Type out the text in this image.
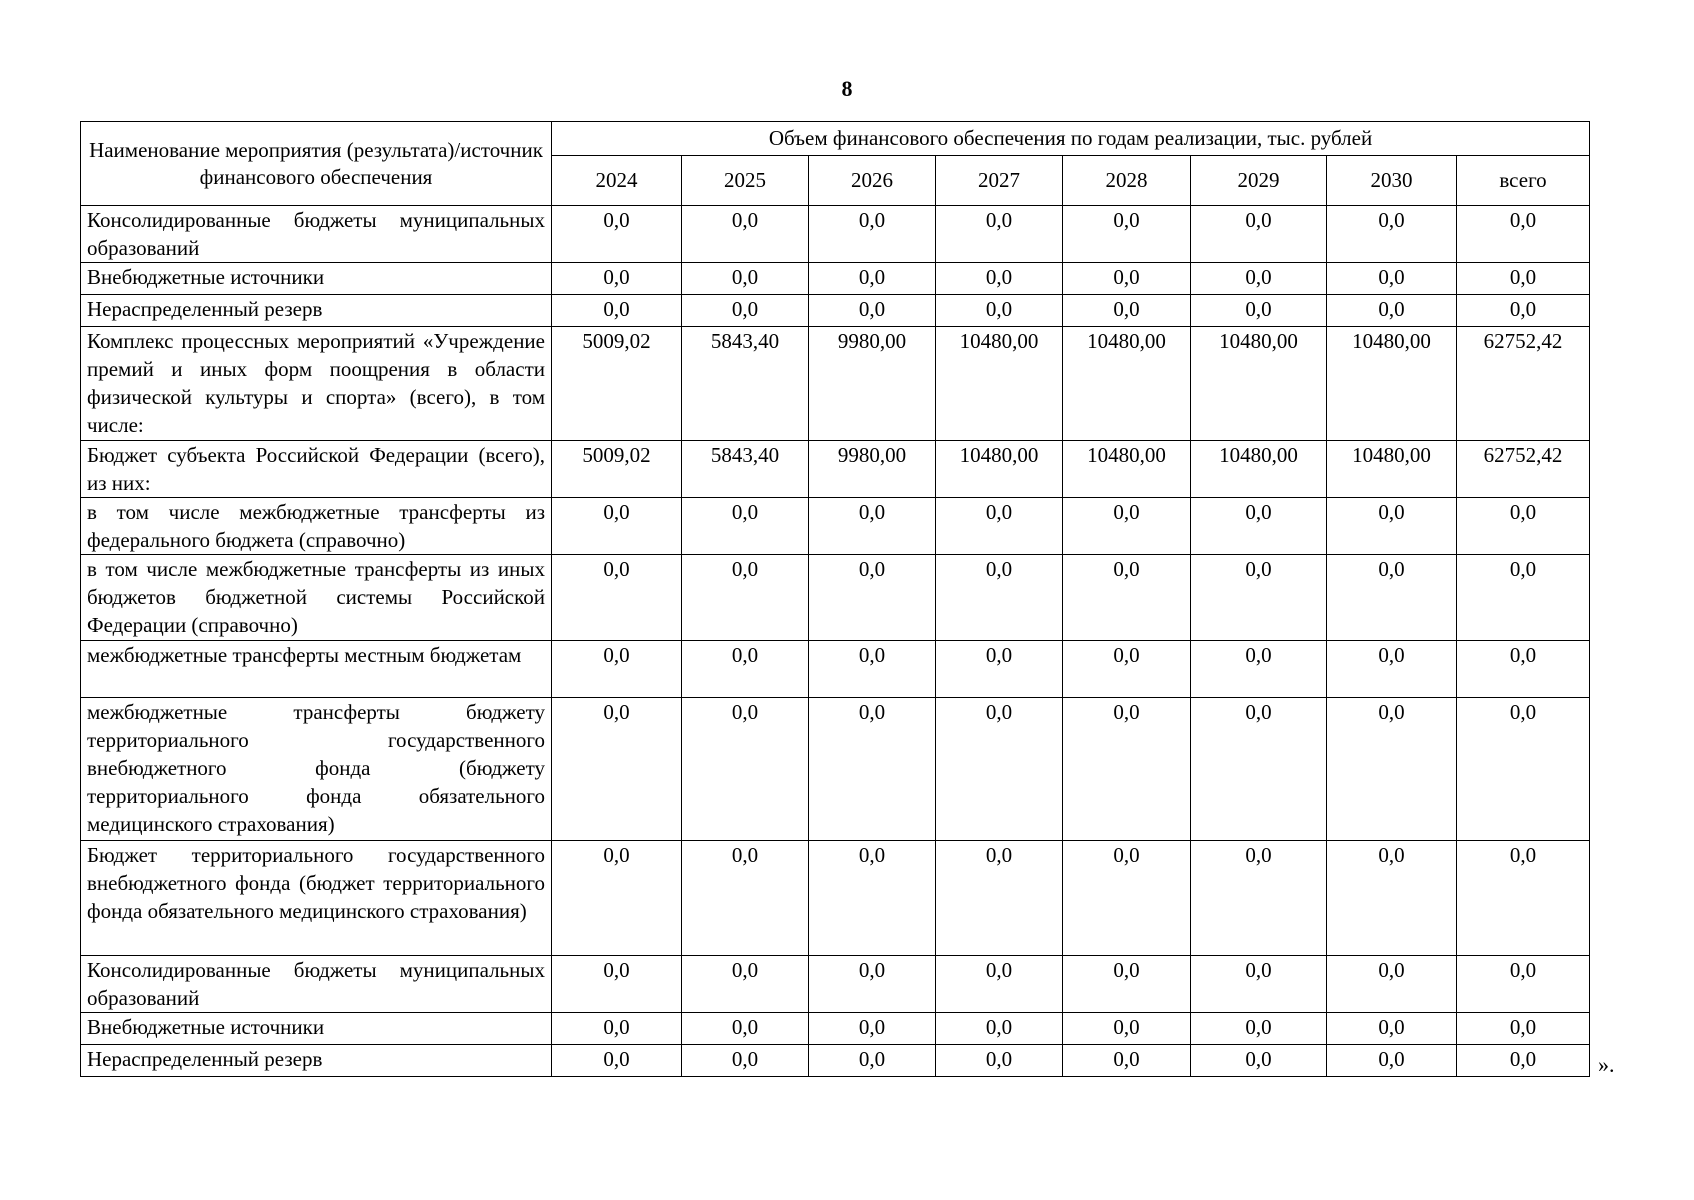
8
Наименование мероприятия (результата)/источник финансового обеспечения	Объем финансового обеспечения по годам реализации, тыс. рублей							
	2024	2025	2026	2027	2028	2029	2030	всего
Консолидированные бюджеты муниципальных образований	0,0	0,0	0,0	0,0	0,0	0,0	0,0	0,0
Внебюджетные источники	0,0	0,0	0,0	0,0	0,0	0,0	0,0	0,0
Нераспределенный резерв	0,0	0,0	0,0	0,0	0,0	0,0	0,0	0,0
Комплекс процессных мероприятий «Учреждение премий и иных форм поощрения в области физической культуры и спорта» (всего), в том числе:	5009,02	5843,40	9980,00	10480,00	10480,00	10480,00	10480,00	62752,42
Бюджет субъекта Российской Федерации (всего), из них:	5009,02	5843,40	9980,00	10480,00	10480,00	10480,00	10480,00	62752,42
в том числе межбюджетные трансферты из федерального бюджета (справочно)	0,0	0,0	0,0	0,0	0,0	0,0	0,0	0,0
в том числе межбюджетные трансферты из иных бюджетов бюджетной системы Российской Федерации (справочно)	0,0	0,0	0,0	0,0	0,0	0,0	0,0	0,0
межбюджетные трансферты местным бюджетам	0,0	0,0	0,0	0,0	0,0	0,0	0,0	0,0
межбюджетные трансферты бюджету территориального государственного внебюджетного фонда (бюджету территориального фонда обязательного медицинского страхования)	0,0	0,0	0,0	0,0	0,0	0,0	0,0	0,0
Бюджет территориального государственного внебюджетного фонда (бюджет территориального фонда обязательного медицинского страхования)	0,0	0,0	0,0	0,0	0,0	0,0	0,0	0,0
Консолидированные бюджеты муниципальных образований	0,0	0,0	0,0	0,0	0,0	0,0	0,0	0,0
Внебюджетные источники	0,0	0,0	0,0	0,0	0,0	0,0	0,0	0,0
Нераспределенный резерв	0,0	0,0	0,0	0,0	0,0	0,0	0,0	0,0	».
